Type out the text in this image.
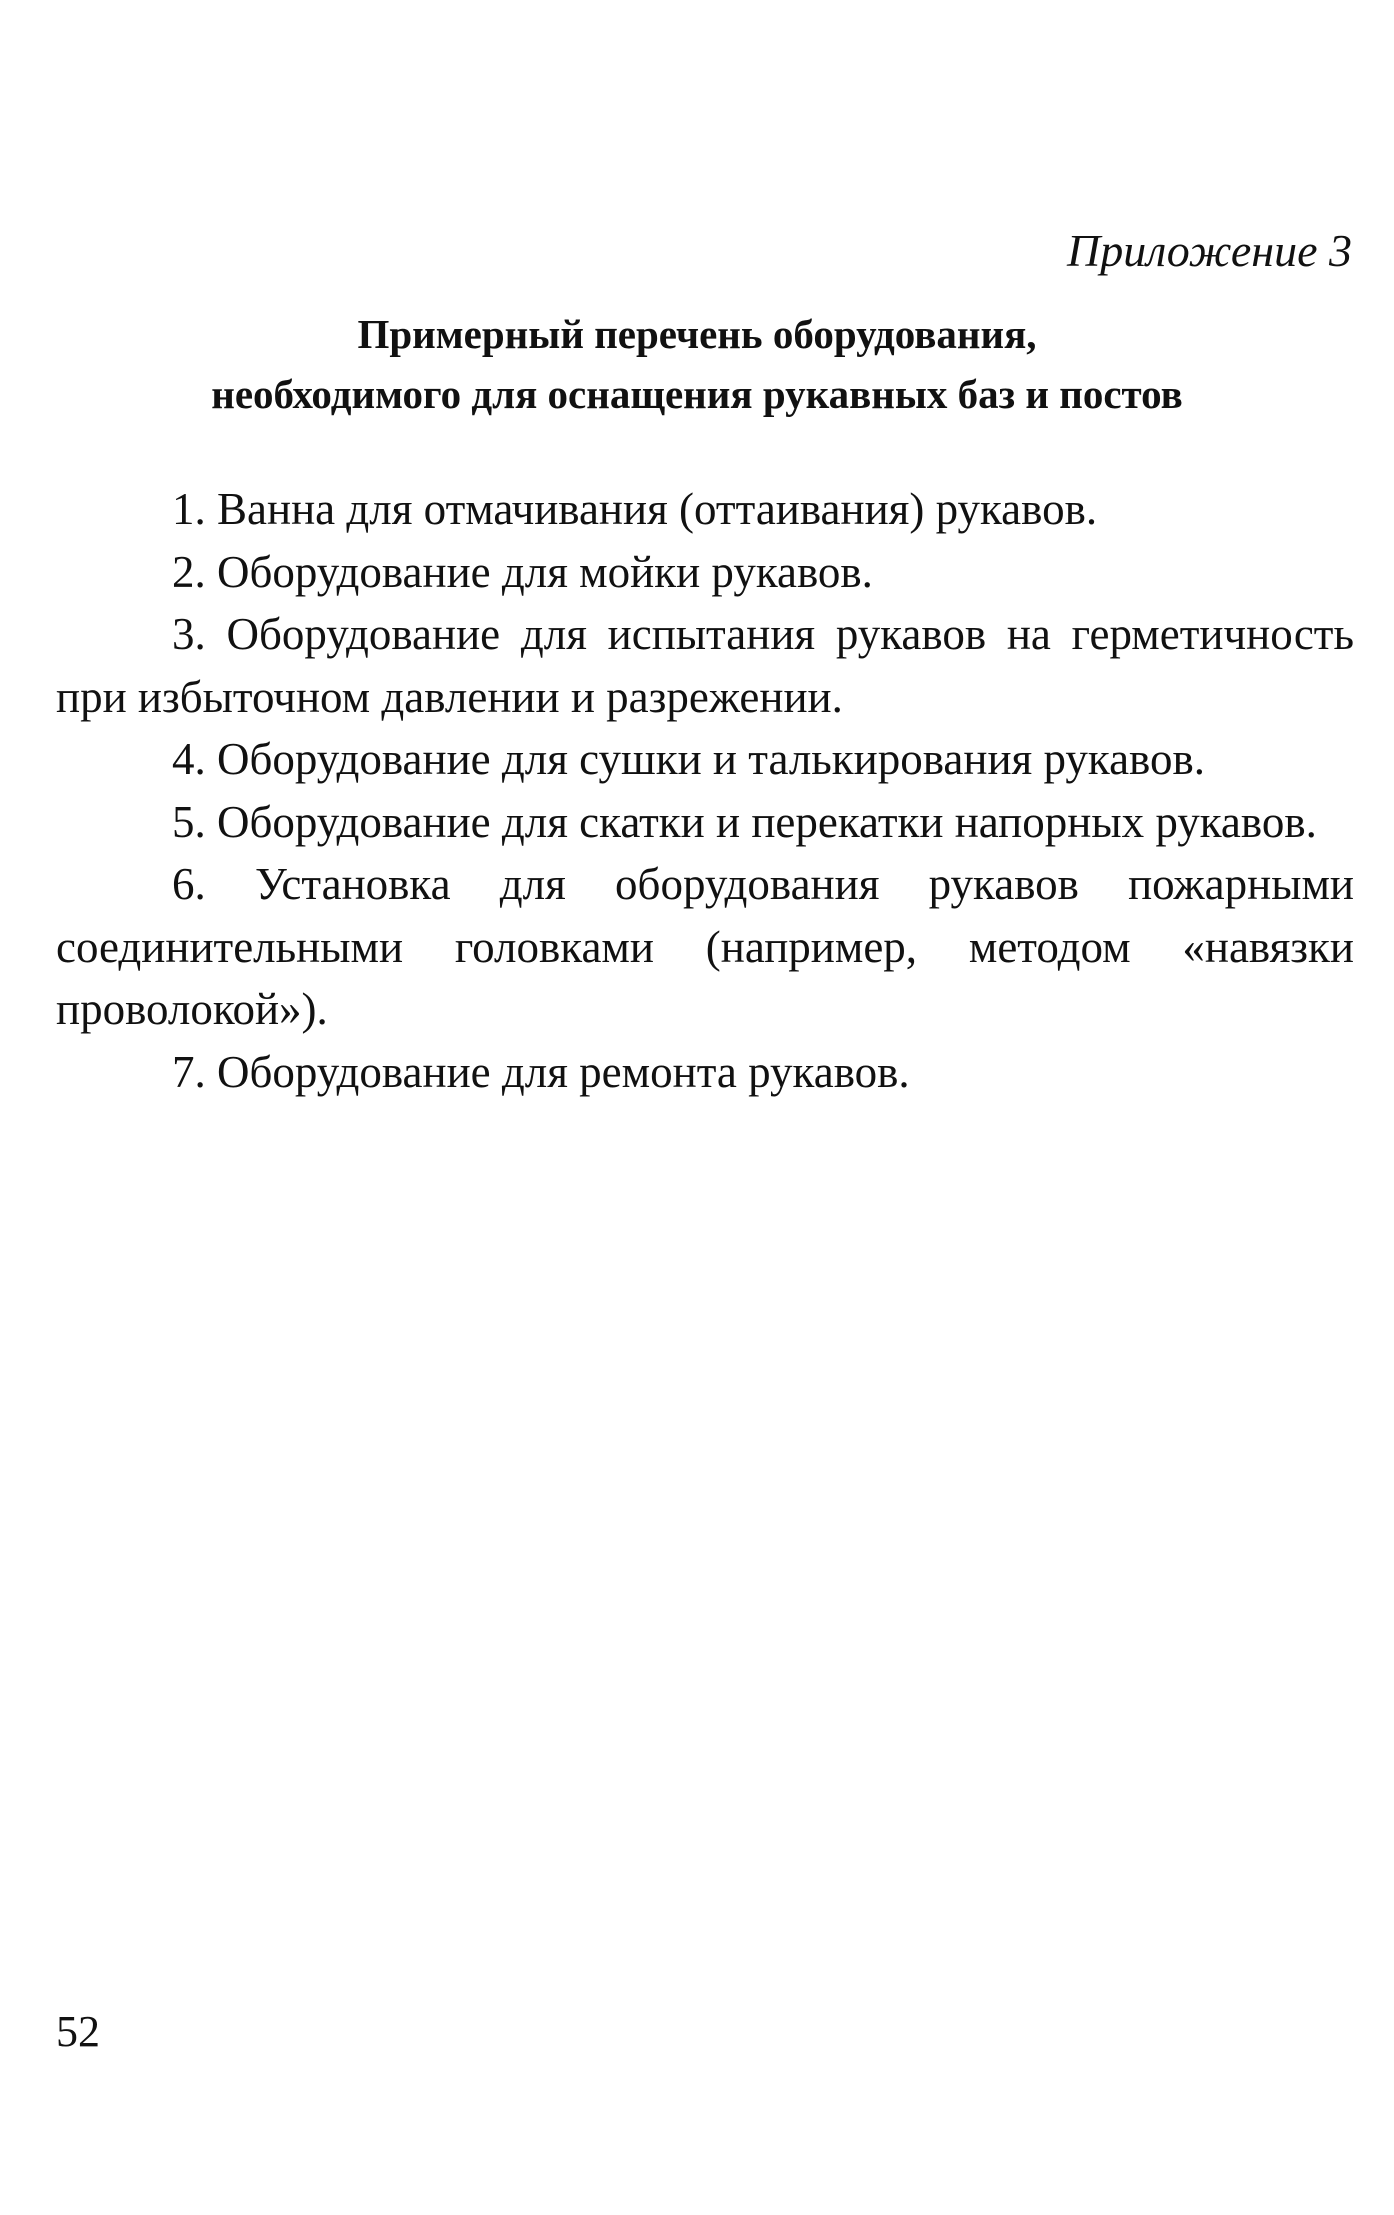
Приложение 3
Примерный перечень оборудования,
необходимого для оснащения рукавных баз и постов

1. Ванна для отмачивания (оттаивания) рукавов.

2. Оборудование для мойки рукавов.

3. Оборудование для испытания рукавов на герметичность при избыточном давлении и разрежении.

4. Оборудование для сушки и талькирования рукавов.

5. Оборудование для скатки и перекатки напорных рукавов.

6. Установка для оборудования рукавов пожарными соединительными головками (например, методом «навязки проволокой»).

7. Оборудование для ремонта рукавов.

52
